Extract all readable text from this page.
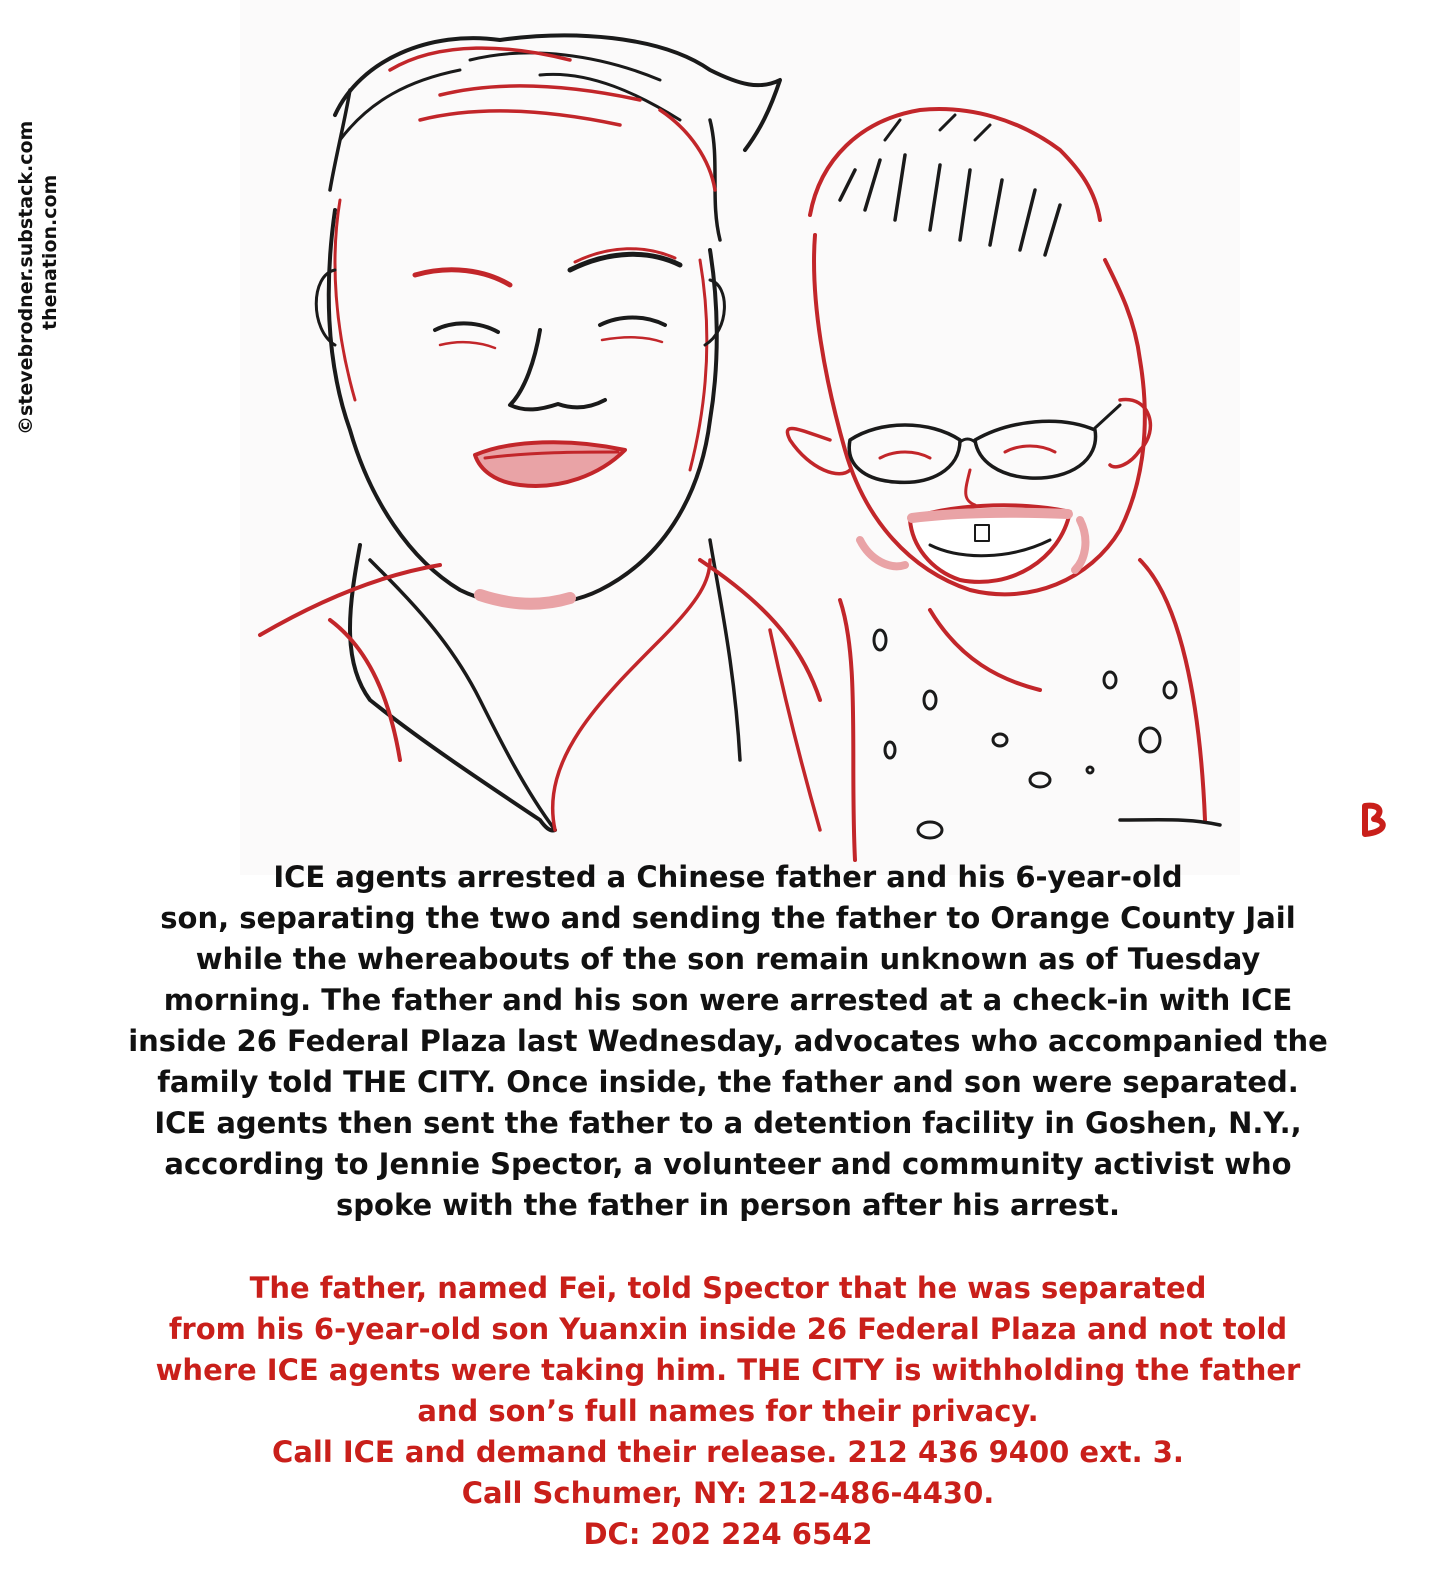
©stevebrodner.substack.com thenation.com
ICE agents arrested a Chinese father and his 6-year-old
son, separating the two and sending the father to Orange County Jail
while the whereabouts of the son remain unknown as of Tuesday
morning. The father and his son were arrested at a check-in with ICE
inside 26 Federal Plaza last Wednesday, advocates who accompanied the
family told THE CITY. Once inside, the father and son were separated.
ICE agents then sent the father to a detention facility in Goshen, N.Y.,
according to Jennie Spector, a volunteer and community activist who
spoke with the father in person after his arrest.
The father, named Fei, told Spector that he was separated
from his 6-year-old son Yuanxin inside 26 Federal Plaza and not told
where ICE agents were taking him. THE CITY is withholding the father
and son’s full names for their privacy.
Call ICE and demand their release. 212 436 9400 ext. 3.
Call Schumer, NY: 212-486-4430.
DC: 202 224 6542
